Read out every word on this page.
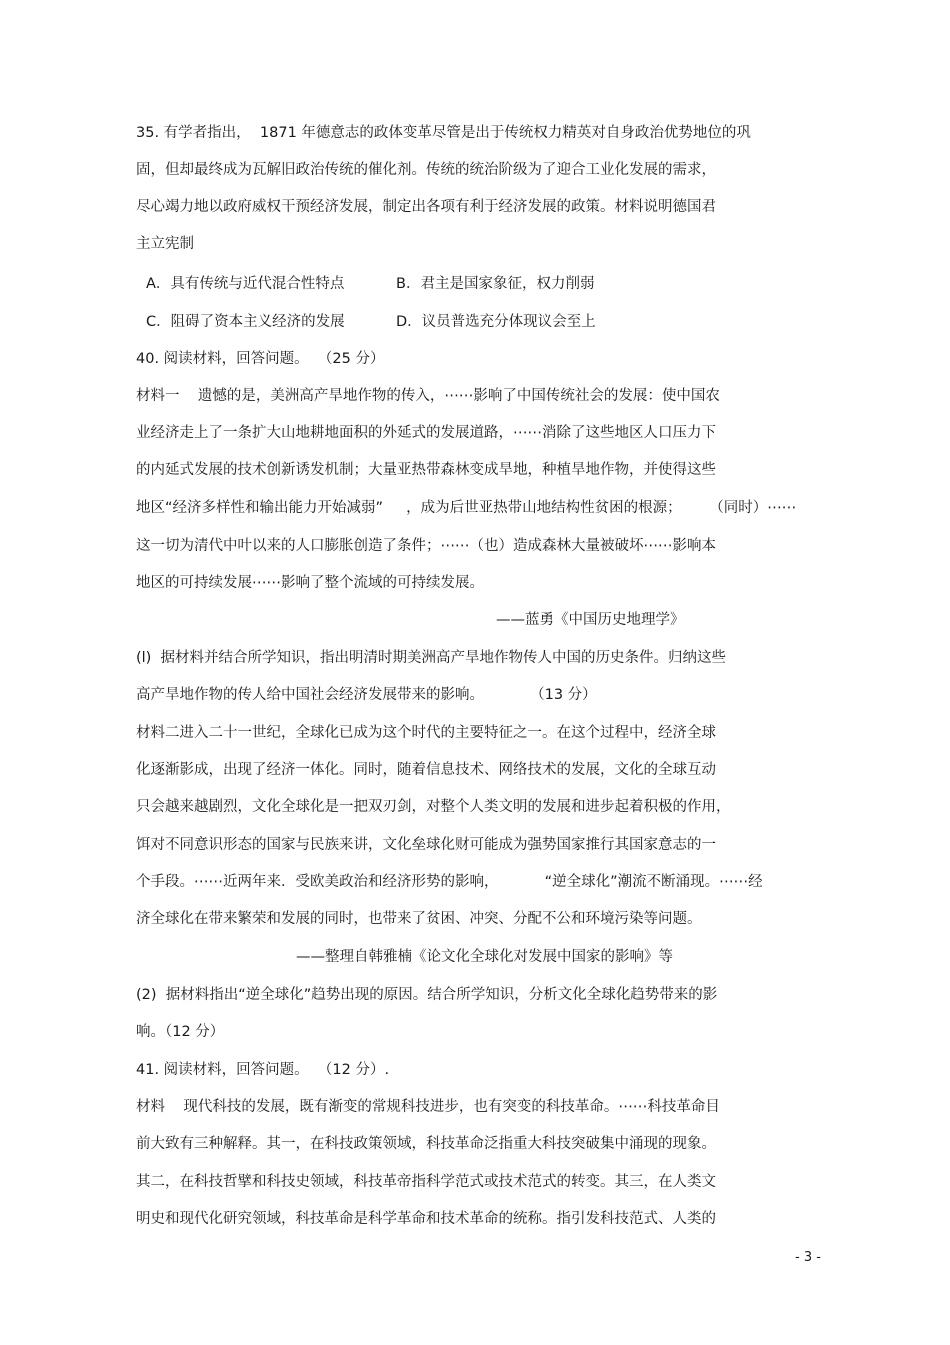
35. 有学者指出，  1871 年德意志的政体变革尽管是出于传统权力精英对自身政治优势地位的巩
固，但却最终成为瓦解旧政治传统的催化剂。传统的统治阶级为了迎合工业化发展的需求，
尽心竭力地以政府威权干预经济发展，制定出各项有利于经济发展的政策。材料说明德国君
主立宪制
A．具有传统与近代混合性特点	B．君主是国家象征，权力削弱
C．阻碍了资本主义经济的发展	D．议员普选充分体现议会至上
40. 阅读材料，回答问题。  （25 分）
材料一    遗憾的是，美洲高产旱地作物的传入，⋯⋯影响了中国传统社会的发展：使中国农
业经济走上了一条扩大山地耕地面积的外延式的发展道路，⋯⋯消除了这些地区人口压力下
的内延式发展的技术创新诱发机制；大量亚热带森林变成旱地，种植旱地作物，并使得这些
地区“经济多样性和输出能力开始减弱”     ，成为后世亚热带山地结构性贫困的根源；      （同时）⋯⋯
这一切为清代中叶以来的人口膨胀创造了条件；⋯⋯（也）造成森林大量被破坏⋯⋯影响本
地区的可持续发展⋯⋯影响了整个流域的可持续发展。
——蓝勇《中国历史地理学》
(l)  据材料并结合所学知识，指出明清时期美洲高产旱地作物传人中国的历史条件。归纳这些
高产旱地作物的传人给中国社会经济发展带来的影响。          （13 分）
材料二进入二十一世纪，全球化已成为这个时代的主要特征之一。在这个过程中，经济全球
化逐渐影成，出现了经济一体化。同时，随着信息技术、网络技术的发展，文化的全球互动
只会越来越剧烈，文化全球化是一把双刃剑，对整个人类文明的发展和进步起着积极的作用，
饵对不同意识形态的国家与民族来讲，文化垒球化财可能成为强势国家推行其国家意志的一
个手段。⋯⋯近两年来．受欧美政治和经济形势的影响，          “逆全球化”潮流不断涌现。⋯⋯经
济全球化在带来繁荣和发展的同时，也带来了贫困、冲突、分配不公和环境污染等问题。
——整理自韩雅楠《论文化全球化对发展中国家的影响》等
(2)  据材料指出“逆全球化”趋势出现的原因。结合所学知识，分析文化全球化趋势带来的影
响。（12 分）
41. 阅读材料，回答问题。  （12 分）.
材料    现代科技的发展，既有渐变的常规科技进步，也有突变的科技革命。⋯⋯科技革命目
前大致有三种解释。其一，在科技政策领域，科技革命泛指重大科技突破集中涌现的现象。
其二，在科技哲擘和科技史领域，科技革帝指科学范式或技术范式的转变。其三，在人类文
明史和现代化研究领域，科技革命是科学革命和技术革命的统称。指引发科技范式、人类的
- 3 -
